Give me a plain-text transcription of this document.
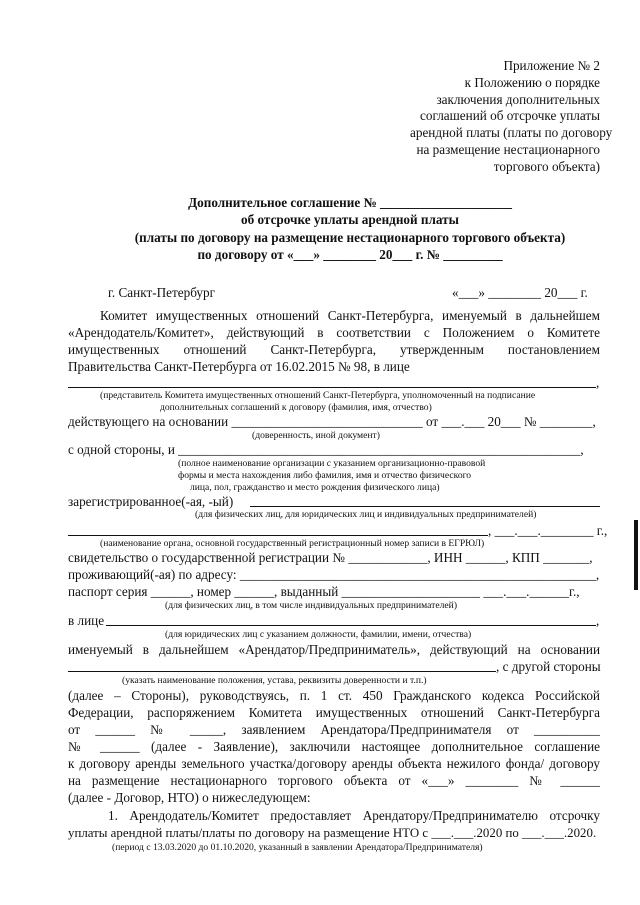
Приложение № 2
к Положению о порядке
заключения дополнительных
соглашений об отсрочке уплаты
арендной платы (платы по договору
на размещение нестационарного
торгового объекта)
Дополнительное соглашение № ____________________
об отсрочке уплаты арендной платы
(платы по договору на размещение нестационарного торгового объекта)
по договору от «___» ________ 20___ г. № _________
г. Санкт-Петербург	«___» ________ 20___ г.
Комитет имущественных отношений Санкт-Петербурга, именуемый в дальнейшем
«Арендодатель/Комитет», действующий в соответствии с Положением о Комитете
имущественных отношений Санкт-Петербурга, утвержденным постановлением
Правительства Санкт-Петербурга от 16.02.2015 № 98, в лице
,
(представитель Комитета имущественных отношений Санкт-Петербурга, уполномоченный на подписание
дополнительных соглашений к договору (фамилия, имя, отчество)
действующего на основании _____________________________ от ___.___ 20___ № ________,
(доверенность, иной документ)
с одной стороны, и _____________________________________________________________,
(полное наименование организации с указанием организационно-правовой
формы и места нахождения либо фамилия, имя и отчество физического
лица, пол, гражданство и место рождения физического лица)
зарегистрированное(-ая, -ый)
(для физических лиц, для юридических лиц и индивидуальных предпринимателей)
, ___.___.________ г.,
(наименование органа, основной государственный регистрационный номер записи в ЕГРЮЛ)
свидетельство о государственной регистрации № ____________, ИНН ______, КПП _______,
проживающий(-ая) по адресу: ______________________________________________________,
паспорт серия ______, номер ______, выданный _____________________ ___.___.______г.,
(для физических лиц, в том числе индивидуальных предпринимателей)
в лице	,
(для юридических лиц с указанием должности, фамилии, имени, отчества)
именуемый в дальнейшем «Арендатор/Предприниматель», действующий на основании
, с другой стороны
(указать наименование положения, устава, реквизиты доверенности и т.п.)
(далее – Стороны), руководствуясь, п. 1 ст. 450 Гражданского кодекса Российской
Федерации, распоряжением Комитета имущественных отношений Санкт-Петербурга
от ______ № _____, заявлением Арендатора/Предпринимателя от __________
№ ______ (далее - Заявление), заключили настоящее дополнительное соглашение
к договору аренды земельного участка/договору аренды объекта нежилого фонда/ договору
на размещение нестационарного торгового объекта от «___» ________ № ______
(далее - Договор, НТО) о нижеследующем:
1. Арендодатель/Комитет предоставляет Арендатору/Предпринимателю отсрочку
уплаты арендной платы/платы по договору на размещение НТО с ___.___.2020 по ___.___.2020.
(период с 13.03.2020 до 01.10.2020, указанный в заявлении Арендатора/Предпринимателя)
